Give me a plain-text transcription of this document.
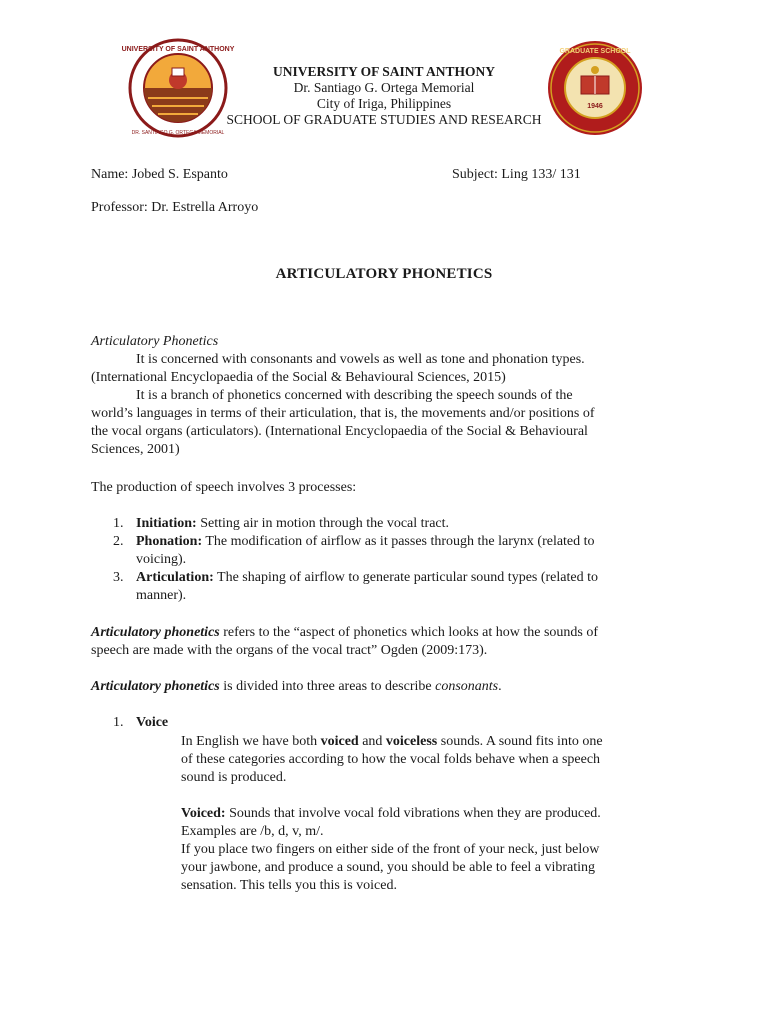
UNIVERSITY OF SAINT ANTHONY
DR. SANTIAGO G. ORTEGA MEMORIAL
1946
GRADUATE SCHOOL
UNIVERSITY OF SAINT ANTHONY
Dr. Santiago G. Ortega Memorial
City of Iriga, Philippines
SCHOOL OF GRADUATE STUDIES AND RESEARCH
Name: Jobed S. Espanto	Subject: Ling 133/ 131
Professor: Dr. Estrella Arroyo
ARTICULATORY PHONETICS
Articulatory Phonetics
It is concerned with consonants and vowels as well as tone and phonation types.
(International Encyclopaedia of the Social & Behavioural Sciences, 2015)
It is a branch of phonetics concerned with describing the speech sounds of the
world’s languages in terms of their articulation, that is, the movements and/or positions of
the vocal organs (articulators). (International Encyclopaedia of the Social & Behavioural
Sciences, 2001)
The production of speech involves 3 processes:
1. Initiation: Setting air in motion through the vocal tract.
2. Phonation: The modification of airflow as it passes through the larynx (related to
voicing).
3. Articulation: The shaping of airflow to generate particular sound types (related to
manner).
Articulatory phonetics refers to the “aspect of phonetics which looks at how the sounds of
speech are made with the organs of the vocal tract” Ogden (2009:173).
Articulatory phonetics is divided into three areas to describe consonants.
1. Voice
In English we have both voiced and voiceless sounds. A sound fits into one
of these categories according to how the vocal folds behave when a speech
sound is produced.
Voiced: Sounds that involve vocal fold vibrations when they are produced.
Examples are /b, d, v, m/.
If you place two fingers on either side of the front of your neck, just below
your jawbone, and produce a sound, you should be able to feel a vibrating
sensation. This tells you this is voiced.
